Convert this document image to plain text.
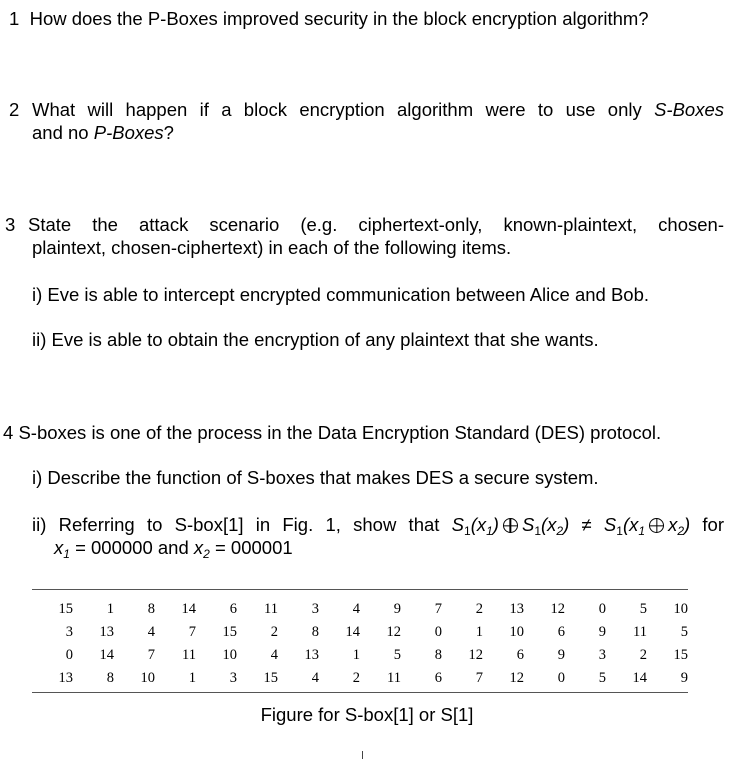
1 How does the P-Boxes improved security in the block encryption algorithm?
2 What will happen if a block encryption algorithm were to use only S-Boxes
and no P-Boxes?
3 State the attack scenario (e.g. ciphertext-only, known-plaintext, chosen-
plaintext, chosen-ciphertext) in each of the following items.
i) Eve is able to intercept encrypted communication between Alice and Bob.
ii) Eve is able to obtain the encryption of any plaintext that she wants.
4 S-boxes is one of the process in the Data Encryption Standard (DES) protocol.
i) Describe the function of S-boxes that makes DES a secure system.
ii) Referring to S-box[1] in Fig. 1, show that $S_1(x_1) S_1(x_2) \ne S_1(x_1$ $x_2$) for
$x_1 = 000000$ and $x_2 = 000001$
15	1	8	14	6	11	3	4	9	7	2	13	12	0	5	10
3	13	4	7	15	2	8	14	12	0	1	10	6	9	11	5
0	14	7	11	10	4	13	1	5	8	12	6	9	3	2	15
13	8	10	1	3	15	4	2	11	6	7	12	0	5	14	9
Figure for S-box[1] or S[1]
